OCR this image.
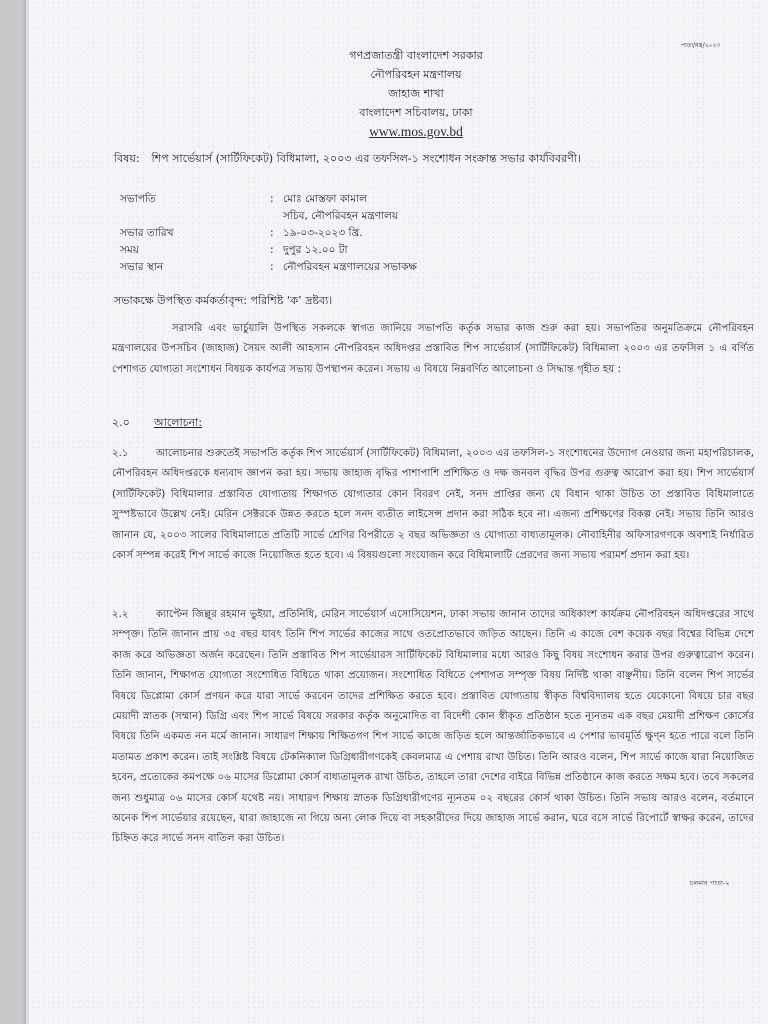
পাতা/মন্ত্র/২০২৩
গণপ্রজাতন্ত্রী বাংলাদেশ সরকার
নৌপরিবহন মন্ত্রণালয়
জাহাজ শাখা
বাংলাদেশ সচিবালয়, ঢাকা
www.mos.gov.bd
বিষয়: শিপ সার্ভেয়ার্স (সার্টিফিকেট) বিধিমালা, ২০০৩ এর তফসিল-১ সংশোধন সংক্রান্ত সভার কার্যবিবরণী।
সভাপতি	: মোঃ মোস্তফা কামাল
সচিব, নৌপরিবহন মন্ত্রণালয়
সভার তারিখ	: ১৯-০৩-২০২৩ খ্রি.
সময়	: দুপুর ১২.০০ টা
সভার স্থান	: নৌপরিবহন মন্ত্রণালয়ের সভাকক্ষ
সভাকক্ষে উপস্থিত কর্মকর্তাবৃন্দ: পরিশিষ্ট ‘ক’ দ্রষ্টব্য।

সরাসরি এবং ভার্চুয়ালি উপস্থিত সকলকে স্বাগত জানিয়ে সভাপতি কর্তৃক সভার কাজ শুরু করা হয়। সভাপতির অনুমতিক্রমে নৌপরিবহন মন্ত্রণালয়ের উপসচিব (জাহাজ) সৈয়দ আলী আহসান নৌপরিবহন অধিদপ্তর প্রস্তাবিত শিপ সার্ভেয়ার্স (সার্টিফিকেট) বিধিমালা ২০০৩ এর তফসিল ১ এ বর্ণিত পেশাগত যোগ্যতা সংশোধন বিষয়ক কার্যপত্র সভায় উপস্থাপন করেন। সভায় এ বিষয়ে নিম্নবর্ণিত আলোচনা ও সিদ্ধান্ত গৃহীত হয় :

২.০ আলোচনা:

২.১	আলোচনার শুরুতেই সভাপতি কর্তৃক শিপ সার্ভেয়ার্স (সার্টিফিকেট) বিধিমালা, ২০০৩ এর তফসিল-১ সংশোধনের উদ্যোগ নেওয়ার জন্য মহাপরিচালক, নৌপরিবহন অধিদপ্তরকে ধন্যবাদ জ্ঞাপন করা হয়। সভায় জাহাজ বৃদ্ধির পাশাপাশি প্রশিক্ষিত ও দক্ষ জনবল বৃদ্ধির উপর গুরুত্ব আরোপ করা হয়। শিপ সার্ভেয়ার্স (সার্টিফিকেট) বিধিমালার প্রস্তাবিত যোগ্যতায় শিক্ষাগত যোগ্যতার কোন বিবরণ নেই, সনদ প্রাপ্তির জন্য যে বিধান থাকা উচিত তা প্রস্তাবিত বিধিমালাতে সুস্পষ্টভাবে উল্লেখ নেই। মেরিন সেক্টরকে উন্নত করতে হলে সনদ ব্যতীত লাইসেন্স প্রদান করা সঠিক হবে না। এজন্য প্রশিক্ষণের বিকল্প নেই। সভায় তিনি আরও জানান যে, ২০০৩ সালের বিধিমালাতে প্রতিটি সার্ভে শ্রেণির বিপরীতে ২ বছর অভিজ্ঞতা ও যোগ্যতা বাধ্যতামূলক। নৌবাহিনীর অফিসারগণকে অবশ্যই নির্ধারিত কোর্স সম্পন্ন করেই শিপ সার্ভে কাজে নিয়োজিত হতে হবে। এ বিষয়গুলো সংযোজন করে বিধিমালাটি প্রেরণের জন্য সভায় পরামর্শ প্রদান করা হয়।

২.২	ক্যাপ্টেন জিল্লুর রহমান ভুইয়া, প্রতিনিধি, মেরিন সার্ভেয়ার্স এসোসিয়েশন, ঢাকা সভায় জানান তাদের অধিকাংশ কার্যক্রম নৌপরিবহন অধিদপ্তরের সাথে সম্পৃক্ত। তিনি জানান প্রায় ৩৫ বছর যাবৎ তিনি শিপ সার্ভের কাজের সাথে ওতপ্রোতভাবে জড়িত আছেন। তিনি এ কাজে বেশ কয়েক বছর বিশ্বের বিভিন্ন দেশে কাজ করে অভিজ্ঞতা অর্জন করেছেন। তিনি প্রস্তাবিত শিপ সার্ভেয়ারস সার্টিফিকেট বিধিমালার মধ্যে আরও কিছু বিষয় সংশোধন করার উপর গুরুত্বারোপ করেন। তিনি জানান, শিক্ষাগত যোগ্যতা সংশোধিত বিধিতে থাকা প্রয়োজন। সংশোধিত বিধিতে পেশাগত সম্পৃক্ত বিষয় নির্দিষ্ট থাকা বাঞ্ছনীয়। তিনি বলেন শিপ সার্ভের বিষয়ে ডিপ্লোমা কোর্স প্রণয়ন করে যারা সার্ভে করবেন তাদের প্রশিক্ষিত করতে হবে। প্রস্তাবিত যোগ্যতায় স্বীকৃত বিশ্ববিদ্যালয় হতে যেকোনো বিষয়ে চার বছর মেয়াদী স্নাতক (সম্মান) ডিগ্রি এবং শিপ সার্ভে বিষয়ে সরকার কর্তৃক অনুমোদিত বা বিদেশী কোন স্বীকৃত প্রতিষ্ঠান হতে ন্যূনতম এক বছর মেয়াদী প্রশিক্ষণ কোর্সের বিষয়ে তিনি একমত নন মর্মে জানান। সাধারণ শিক্ষায় শিক্ষিতগণ শিপ সার্ভে কাজে জড়িত হলে আন্তর্জাতিকভাবে এ পেশার ভাবমূর্তি ক্ষুণ্ন হতে পারে বলে তিনি মতামত প্রকাশ করেন। তাই সংশ্লিষ্ট বিষয়ে টেকনিক্যাল ডিগ্রিধারীগণকেই কেবলমাত্র এ পেশায় রাখা উচিত। তিনি আরও বলেন, শিপ সার্ভে কাজে যারা নিয়োজিত হবেন, প্রত্যেকের কমপক্ষে ০৬ মাসের ডিপ্লোমা কোর্স বাধ্যতামূলক রাখা উচিত, তাহলে তারা দেশের বাইরে বিভিন্ন প্রতিষ্ঠানে কাজ করতে সক্ষম হবে। তবে সকলের জন্য শুধুমাত্র ০৬ মাসের কোর্স যথেষ্ট নয়। সাধারণ শিক্ষায় স্নাতক ডিগ্রিধারীগণের ন্যূনতম ০২ বছরের কোর্স থাকা উচিত। তিনি সভায় আরও বলেন, বর্তমানে অনেক শিপ সার্ভেয়ার রয়েছেন, যারা জাহাজে না গিয়ে অন্য লোক দিয়ে বা সহকারীদের দিয়ে জাহাজ সার্ভে করান, ঘরে বসে সার্ভে রিপোর্টে স্বাক্ষর করেন, তাদের চিহ্নিত করে সার্ভে সনদ বাতিল করা উচিত।

চলমান পাতা-২
